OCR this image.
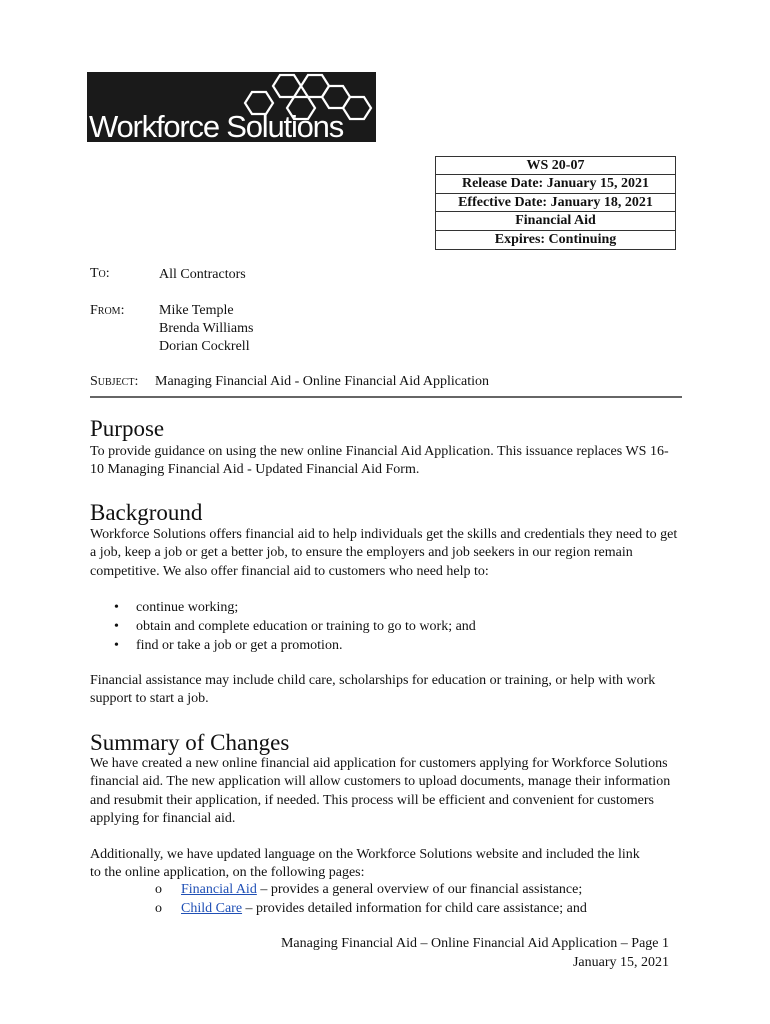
Workforce Solutions
WS 20-07
Release Date: January 15, 2021
Effective Date: January 18, 2021
Financial Aid
Expires: Continuing
To:	All Contractors
From: Mike Temple
Brenda Williams
Dorian Cockrell
Subject: Managing Financial Aid - Online Financial Aid Application
Purpose

To provide guidance on using the new online Financial Aid Application. This issuance replaces WS 16-10 Managing Financial Aid - Updated Financial Aid Form.

Background

Workforce Solutions offers financial aid to help individuals get the skills and credentials they need to get a job, keep a job or get a better job, to ensure the employers and job seekers in our region remain competitive. We also offer financial aid to customers who need help to:

• continue working;
• obtain and complete education or training to go to work; and
• find or take a job or get a promotion.

Financial assistance may include child care, scholarships for education or training, or help with work support to start a job.

Summary of Changes

We have created a new online financial aid application for customers applying for Workforce Solutions financial aid. The new application will allow customers to upload documents, manage their information and resubmit their application, if needed. This process will be efficient and convenient for customers applying for financial aid.

Additionally, we have updated language on the Workforce Solutions website and included the link to the online application, on the following pages:

o Financial Aid – provides a general overview of our financial assistance;
o Child Care – provides detailed information for child care assistance; and
Managing Financial Aid – Online Financial Aid Application – Page 1
January 15, 2021
